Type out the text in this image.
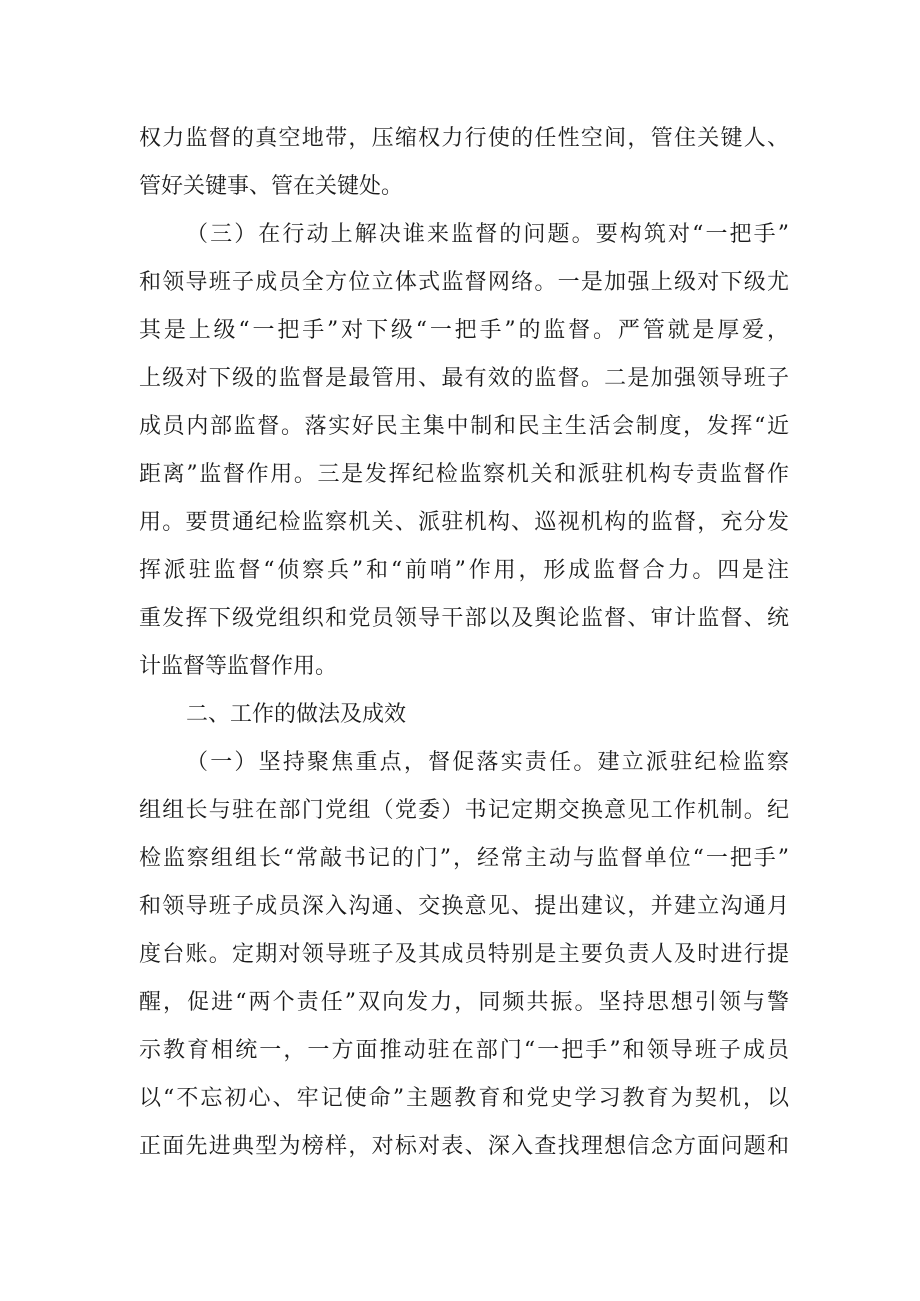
权力监督的真空地带，压缩权力行使的任性空间，管住关键人、
管好关键事、管在关键处。
（三）在行动上解决谁来监督的问题。要构筑对“一把手”
和领导班子成员全方位立体式监督网络。一是加强上级对下级尤
其是上级“一把手”对下级“一把手”的监督。严管就是厚爱，
上级对下级的监督是最管用、最有效的监督。二是加强领导班子
成员内部监督。落实好民主集中制和民主生活会制度，发挥“近
距离”监督作用。三是发挥纪检监察机关和派驻机构专责监督作
用。要贯通纪检监察机关、派驻机构、巡视机构的监督，充分发
挥派驻监督“侦察兵”和“前哨”作用，形成监督合力。四是注
重发挥下级党组织和党员领导干部以及舆论监督、审计监督、统
计监督等监督作用。
二、工作的做法及成效
（一）坚持聚焦重点，督促落实责任。建立派驻纪检监察
组组长与驻在部门党组（党委）书记定期交换意见工作机制。纪
检监察组组长“常敲书记的门”，经常主动与监督单位“一把手”
和领导班子成员深入沟通、交换意见、提出建议，并建立沟通月
度台账。定期对领导班子及其成员特别是主要负责人及时进行提
醒，促进“两个责任”双向发力，同频共振。坚持思想引领与警
示教育相统一，一方面推动驻在部门“一把手”和领导班子成员
以“不忘初心、牢记使命”主题教育和党史学习教育为契机，以
正面先进典型为榜样，对标对表、深入查找理想信念方面问题和
